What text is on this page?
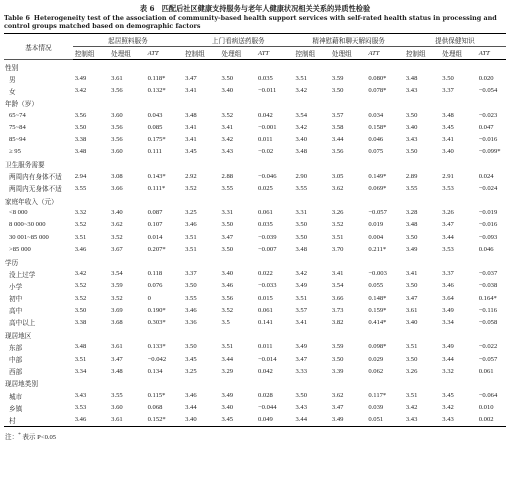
表 6　匹配后社区健康支持服务与老年人健康状况相关关系的异质性检验
Table 6 Heterogeneity test of the association of community-based health support services with self-rated health status in processing and control groups matched based on demographic factors
基本情况	起居照料服务			上门看病送药服务			精神慰藉和聊天解闷服务			提供保健知识		
	控制组	处理组	ATT	控制组	处理组	ATT	控制组	处理组	ATT	控制组	处理组	ATT
性别												
男	3.49	3.61	0.118*	3.47	3.50	0.035	3.51	3.59	0.080*	3.48	3.50	0.020
女	3.42	3.56	0.132*	3.41	3.40	−0.011	3.42	3.50	0.078*	3.43	3.37	−0.054
年龄（岁）												
65~74	3.56	3.60	0.043	3.48	3.52	0.042	3.54	3.57	0.034	3.50	3.48	−0.023
75~84	3.50	3.56	0.085	3.41	3.41	−0.001	3.42	3.58	0.158*	3.40	3.45	0.047
85~94	3.38	3.56	0.175*	3.41	3.42	0.011	3.40	3.44	0.046	3.43	3.41	−0.016
≥ 95	3.48	3.60	0.111	3.45	3.43	−0.02	3.48	3.56	0.075	3.50	3.40	−0.099*
卫生服务需要												
两周内有身体不适	2.94	3.08	0.143*	2.92	2.88	−0.046	2.90	3.05	0.149*	2.89	2.91	0.024
两周内无身体不适	3.55	3.66	0.111*	3.52	3.55	0.025	3.55	3.62	0.069*	3.55	3.53	−0.024
家庭年收入（元）												
<8 000	3.32	3.40	0.087	3.25	3.31	0.061	3.31	3.26	−0.057	3.28	3.26	−0.019
8 000~30 000	3.52	3.62	0.107	3.46	3.50	0.035	3.50	3.52	0.019	3.48	3.47	−0.016
30 001~85 000	3.51	3.52	0.014	3.51	3.47	−0.039	3.50	3.51	0.004	3.50	3.44	−0.093
>85 000	3.46	3.67	0.207*	3.51	3.50	−0.007	3.48	3.70	0.211*	3.49	3.53	0.046
学历												
没上过学	3.42	3.54	0.118	3.37	3.40	0.022	3.42	3.41	−0.003	3.41	3.37	−0.037
小学	3.52	3.59	0.076	3.50	3.46	−0.033	3.49	3.54	0.055	3.50	3.46	−0.038
初中	3.52	3.52	0	3.55	3.56	0.015	3.51	3.66	0.148*	3.47	3.64	0.164*
高中	3.50	3.69	0.190*	3.46	3.52	0.061	3.57	3.73	0.159*	3.61	3.49	−0.116
高中以上	3.38	3.68	0.303*	3.36	3.5	0.141	3.41	3.82	0.414*	3.40	3.34	−0.058
现居地区												
东部	3.48	3.61	0.133*	3.50	3.51	0.011	3.49	3.59	0.098*	3.51	3.49	−0.022
中部	3.51	3.47	−0.042	3.45	3.44	−0.014	3.47	3.50	0.029	3.50	3.44	−0.057
西部	3.34	3.48	0.134	3.25	3.29	0.042	3.33	3.39	0.062	3.26	3.32	0.061
现居地类别												
城市	3.43	3.55	0.115*	3.46	3.49	0.028	3.50	3.62	0.117*	3.51	3.45	−0.064
乡镇	3.53	3.60	0.068	3.44	3.40	−0.044	3.43	3.47	0.039	3.42	3.42	0.010
村	3.46	3.61	0.152*	3.40	3.45	0.049	3.44	3.49	0.051	3.43	3.43	0.002
注：* 表示 P<0.05
